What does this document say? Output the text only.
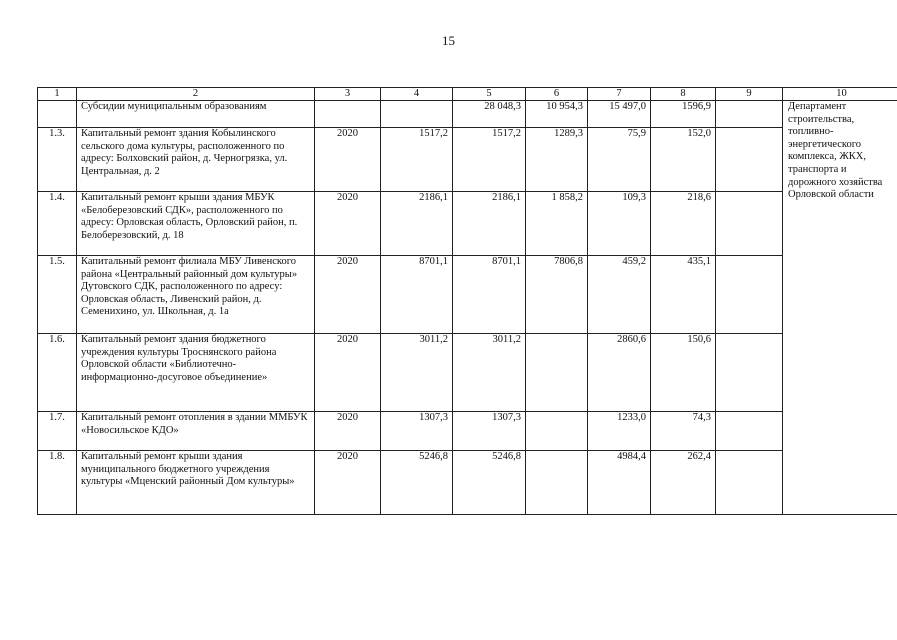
15
1	2	3	4	5	6	7	8	9	10
	Субсидии муниципальным образованиям			28 048,3	10 954,3	15 497,0	1596,9		Департамент строительства, топливно-энергетического комплекса, ЖКХ, транспорта и дорожного хозяйства Орловской области
1.3.	Капитальный ремонт здания Кобылинского сельского дома культуры, расположенного по адресу: Болховский район, д. Черногрязка, ул. Центральная, д. 2	2020	1517,2	1517,2	1289,3	75,9	152,0		
1.4.	Капитальный ремонт крыши здания МБУК «Белоберезовский СДК», расположенного по адресу: Орловская область, Орловский район, п. Белоберезовский, д. 18	2020	2186,1	2186,1	1 858,2	109,3	218,6		
1.5.	Капитальный ремонт филиала МБУ Ливенского района «Центральный районный дом культуры» Дутовского СДК, расположенного по адресу: Орловская область, Ливенский район, д. Семенихино, ул. Школьная, д. 1а	2020	8701,1	8701,1	7806,8	459,2	435,1		
1.6.	Капитальный ремонт здания бюджетного учреждения культуры Троснянского района Орловской области «Библиотечно-информационно-досуговое объединение»	2020	3011,2	3011,2		2860,6	150,6		
1.7.	Капитальный ремонт отопления в здании ММБУК «Новосильское КДО»	2020	1307,3	1307,3		1233,0	74,3		
1.8.	Капитальный ремонт крыши здания муниципального бюджетного учреждения культуры «Мценский районный Дом культуры»	2020	5246,8	5246,8		4984,4	262,4		
